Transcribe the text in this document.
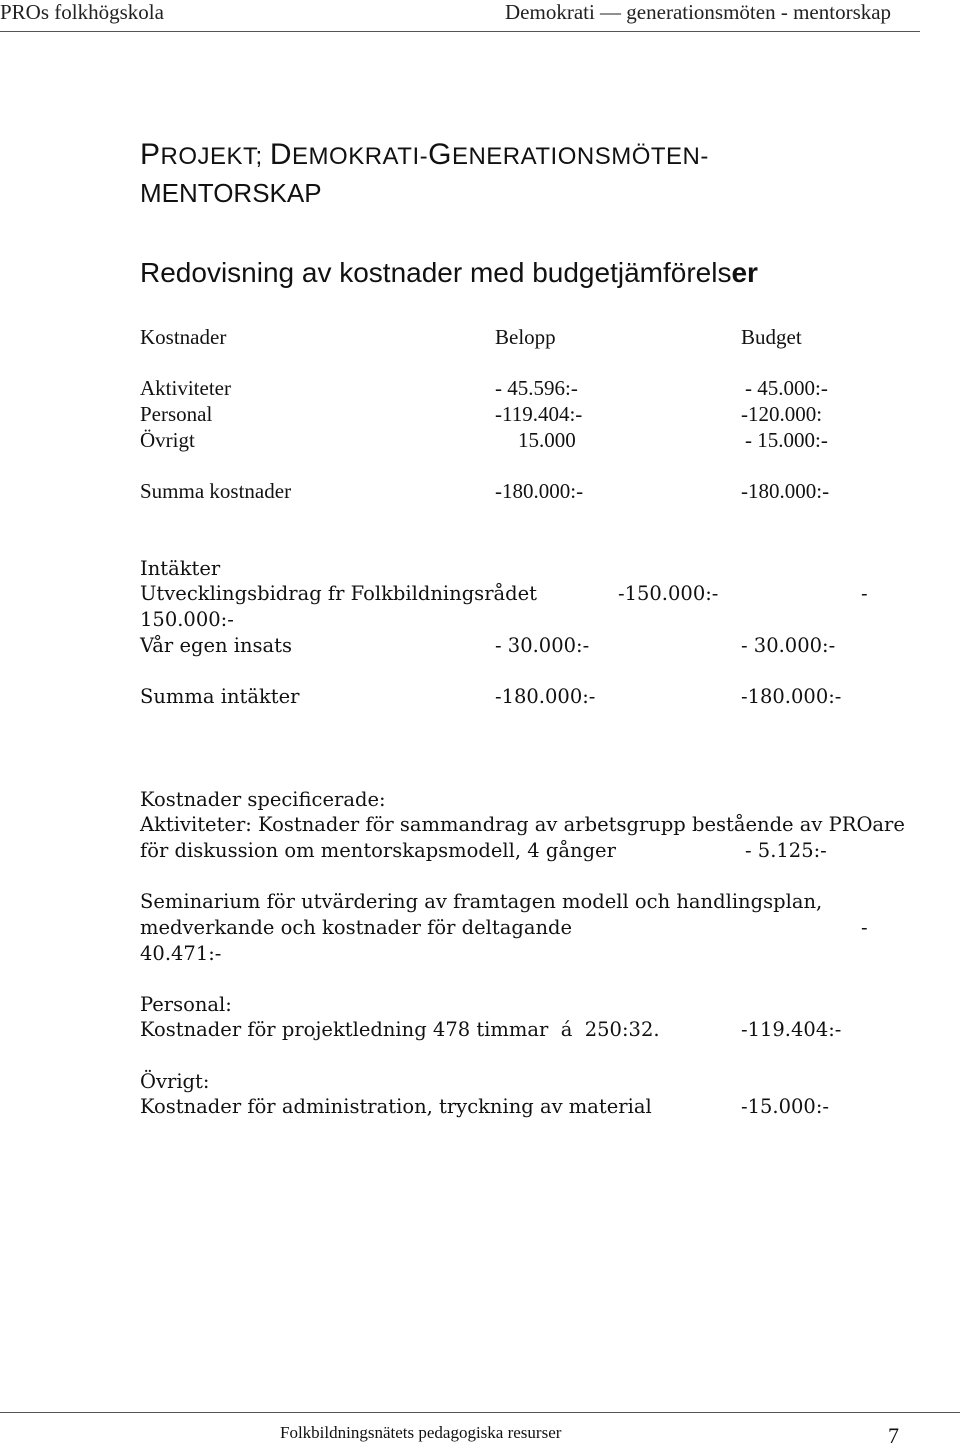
PROs folkhögskola	Demokrati — generationsmöten - mentorskap
PROJEKT; DEMOKRATI-GENERATIONSMÖTEN-
MENTORSKAP
Redovisning av kostnader med budgetjämförelser
Kostnader	Belopp	Budget
Aktiviteter	- 45.596:-	- 45.000:-
Personal	-119.404:-	-120.000:
Övrigt	15.000	- 15.000:-
Summa kostnader	-180.000:-	-180.000:-
Intäkter
Utvecklingsbidrag fr Folkbildningsrådet	-150.000:-	-
150.000:-
Vår egen insats	- 30.000:-	- 30.000:-
Summa intäkter	-180.000:-	-180.000:-
Kostnader specificerade:
Aktiviteter: Kostnader för sammandrag av arbetsgrupp bestående av PROare
för diskussion om mentorskapsmodell, 4 gånger	- 5.125:-
Seminarium för utvärdering av framtagen modell och handlingsplan,
medverkande och kostnader för deltagande	-
40.471:-
Personal:
Kostnader för projektledning 478 timmar  á  250:32.	-119.404:-
Övrigt:
Kostnader för administration, tryckning av material	-15.000:-
Folkbildningsnätets pedagogiska resurser	7
